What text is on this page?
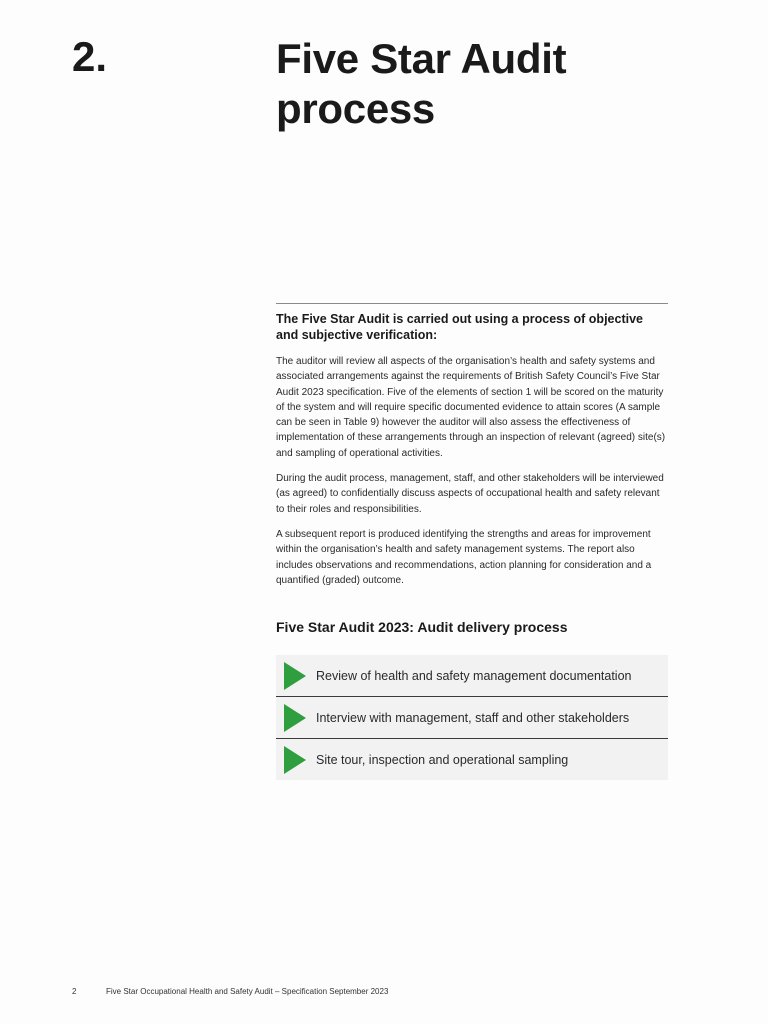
2.	Five Star Audit process

The Five Star Audit is carried out using a process of objective and subjective verification:

The auditor will review all aspects of the organisation’s health and safety systems and associated arrangements against the requirements of British Safety Council’s Five Star Audit 2023 specification. Five of the elements of section 1 will be scored on the maturity of the system and will require specific documented evidence to attain scores (A sample can be seen in Table 9) however the auditor will also assess the effectiveness of implementation of these arrangements through an inspection of relevant (agreed) site(s) and sampling of operational activities.

During the audit process, management, staff, and other stakeholders will be interviewed (as agreed) to confidentially discuss aspects of occupational health and safety relevant to their roles and responsibilities.

A subsequent report is produced identifying the strengths and areas for improvement within the organisation’s health and safety management systems. The report also includes observations and recommendations, action planning for consideration and a quantified (graded) outcome.

Five Star Audit 2023: Audit delivery process
Review of health and safety management documentation
Interview with management, staff and other stakeholders
Site tour, inspection and operational sampling
2	Five Star Occupational Health and Safety Audit – Specification September 2023
